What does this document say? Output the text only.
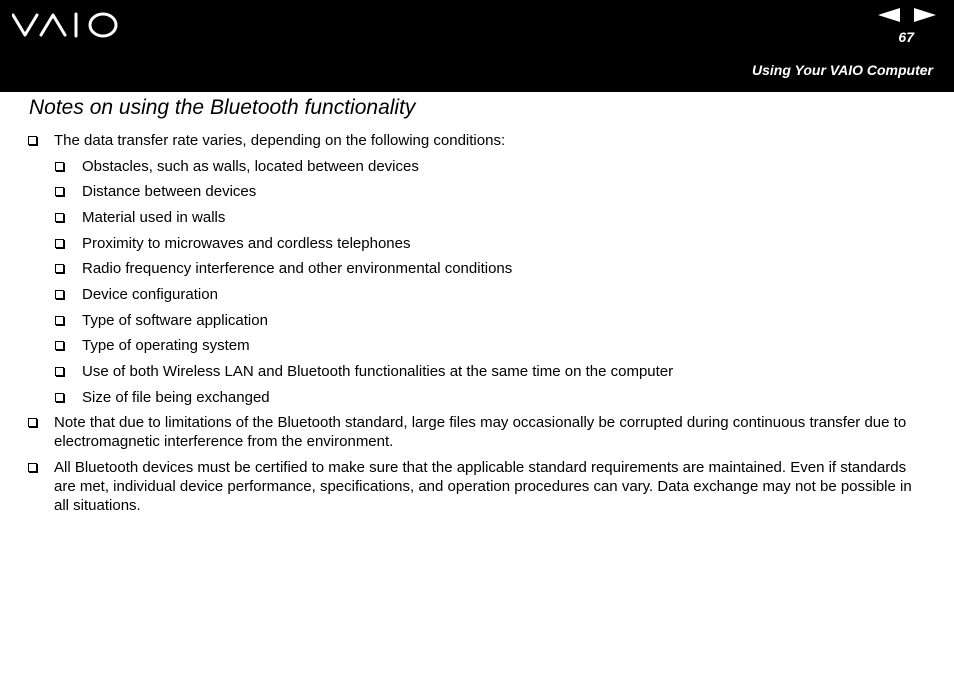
67
Using Your VAIO Computer
Notes on using the Bluetooth functionality
The data transfer rate varies, depending on the following conditions:
Obstacles, such as walls, located between devices
Distance between devices
Material used in walls
Proximity to microwaves and cordless telephones
Radio frequency interference and other environmental conditions
Device configuration
Type of software application
Type of operating system
Use of both Wireless LAN and Bluetooth functionalities at the same time on the computer
Size of file being exchanged
Note that due to limitations of the Bluetooth standard, large files may occasionally be corrupted during continuous transfer due to electromagnetic interference from the environment.
All Bluetooth devices must be certified to make sure that the applicable standard requirements are maintained. Even if standards are met, individual device performance, specifications, and operation procedures can vary. Data exchange may not be possible in all situations.
